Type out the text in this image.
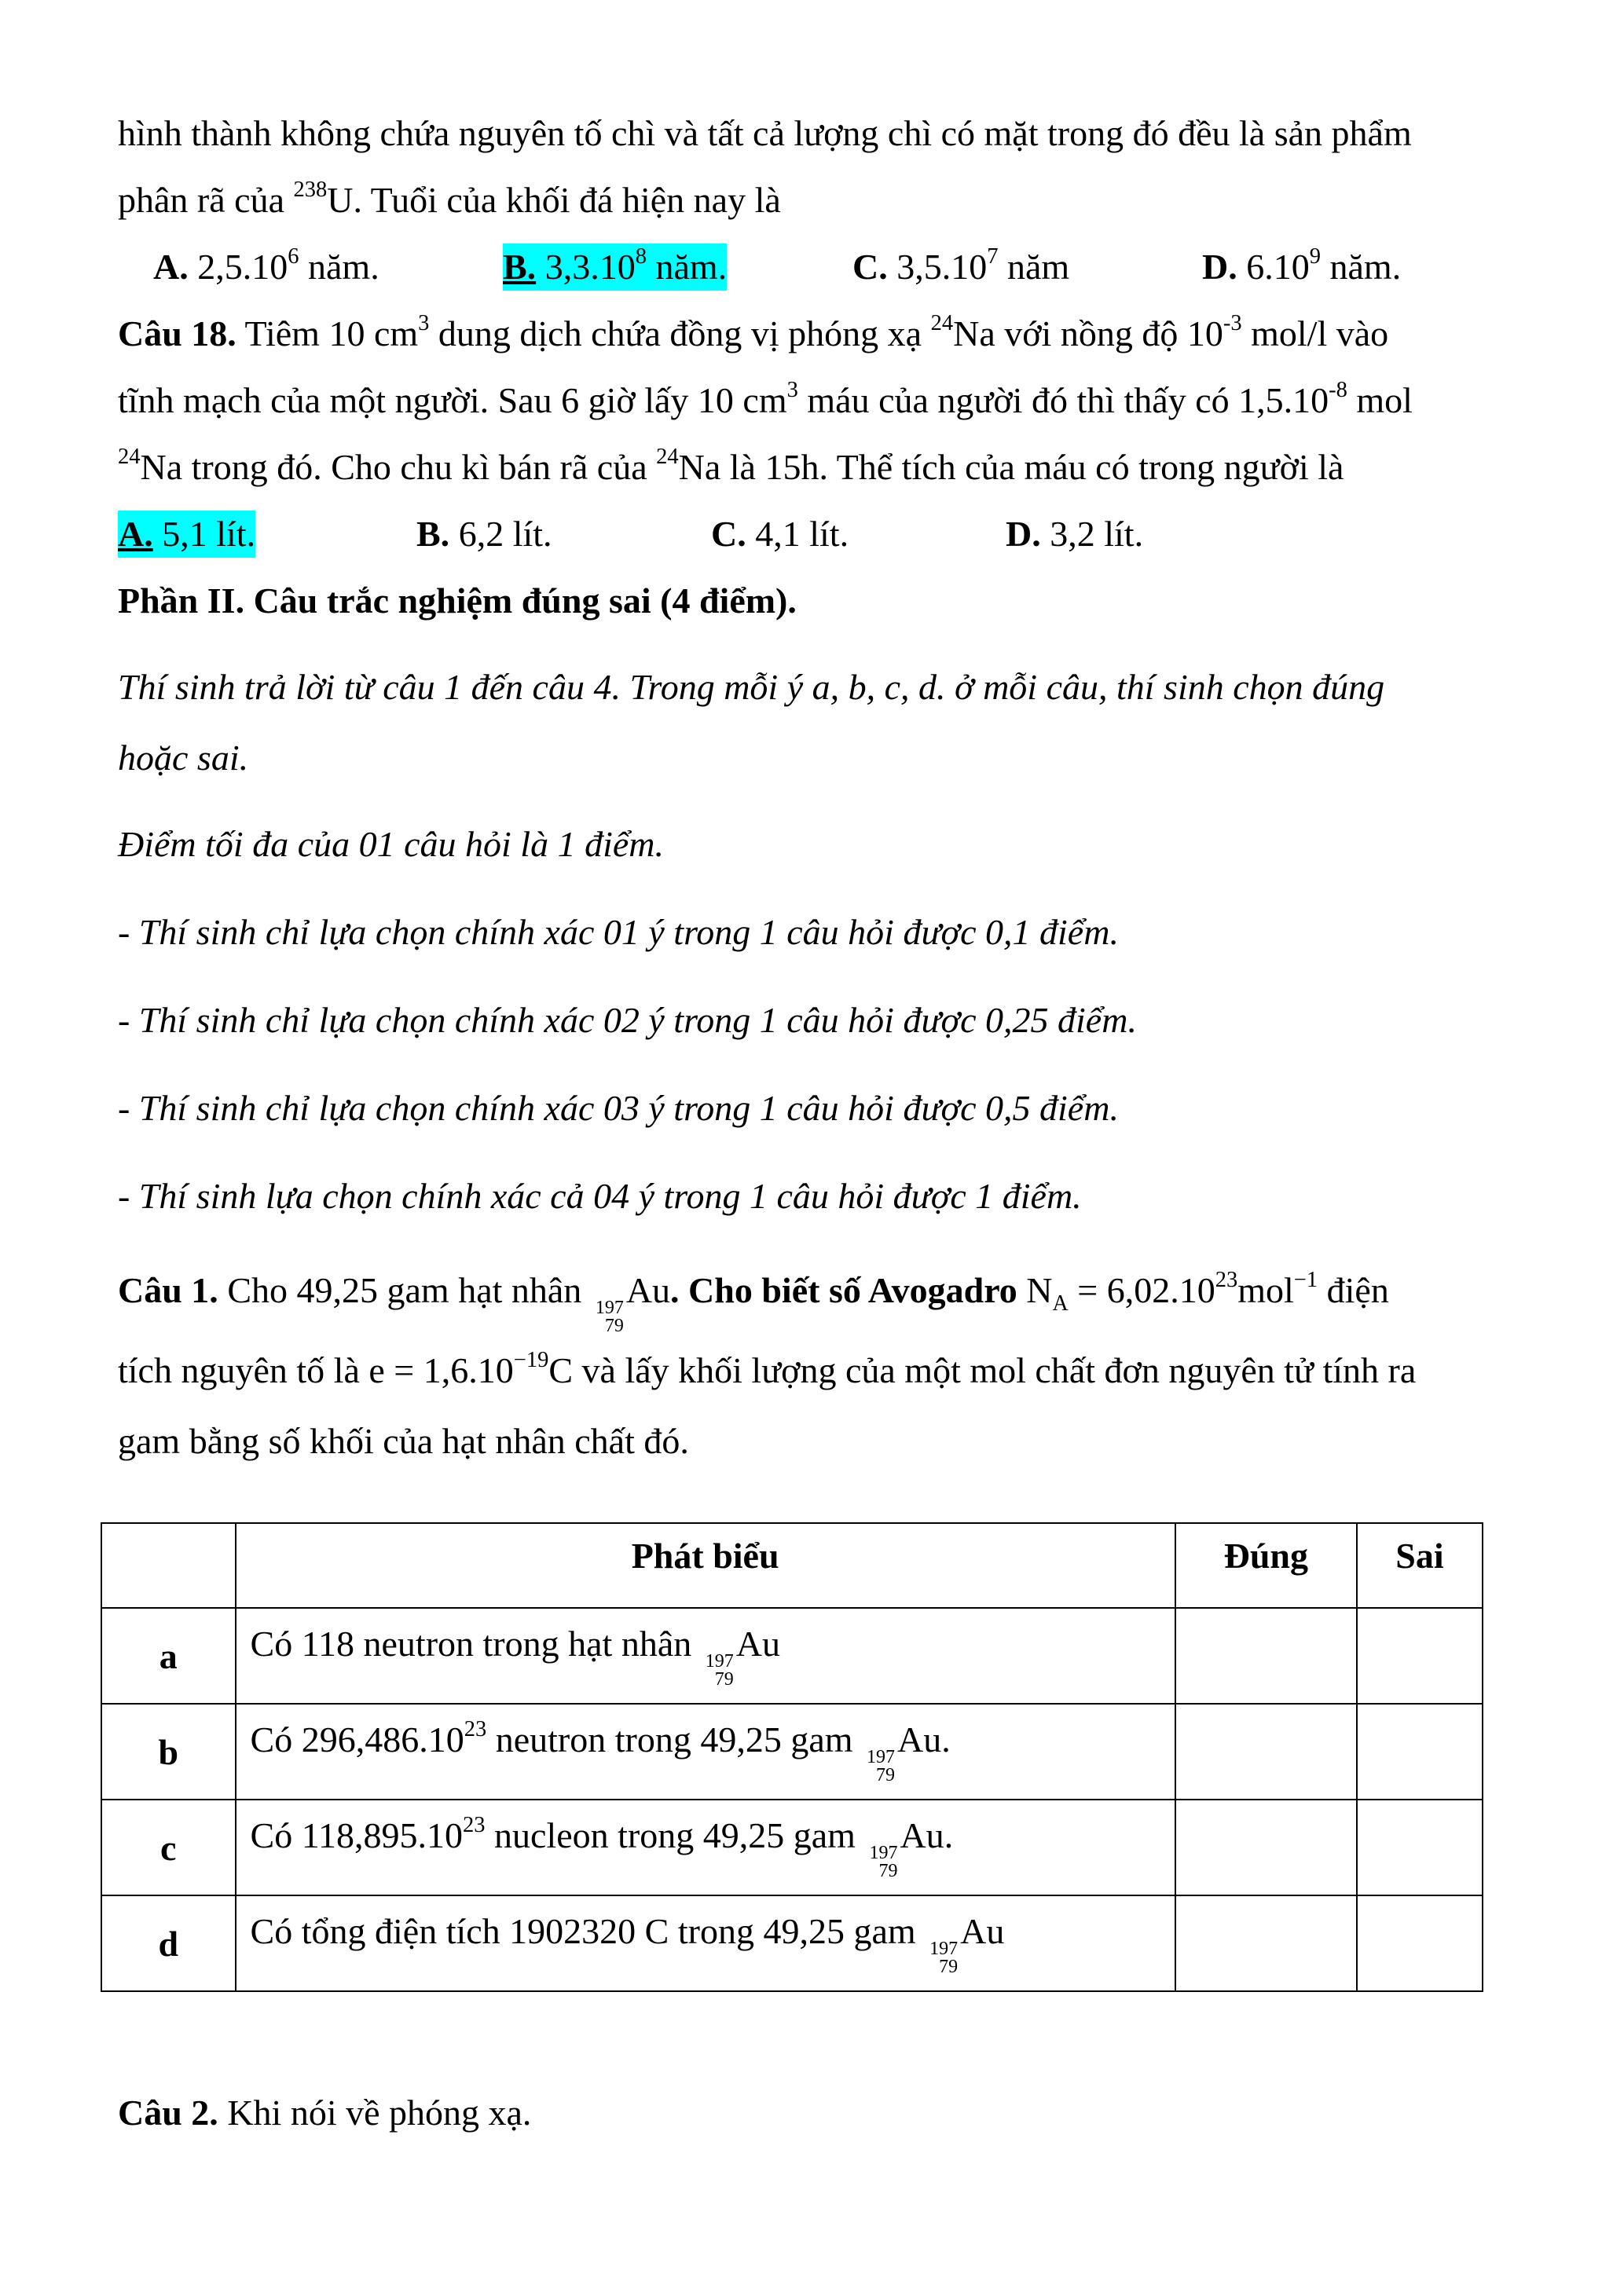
hình thành không chứa nguyên tố chì và tất cả lượng chì có mặt trong đó đều là sản phẩm
phân rã của $^{238}$U. Tuổi của khối đá hiện nay là
A. 2,5.10$^6$ năm.	B. 3,3.10$^8$ năm.	C. 3,5.10$^7$ năm	D. 6.10$^9$ năm.
Câu 18. Tiêm 10 $cm^3$ dung dịch chứa đồng vị phóng xạ $^{24}$Na với nồng độ $10^{-3}$ mol/l vào
tĩnh mạch của một người. Sau 6 giờ lấy 10 $cm^3$ máu của người đó thì thấy có $1,5.10^{-8}$ mol
$^{24}$Na trong đó. Cho chu kì bán rã của $^{24}$Na là 15h. Thể tích của máu có trong người là
A. 5,1 lít.	B. 6,2 lít.	C. 4,1 lít.	D. 3,2 lít.
Phần II. Câu trắc nghiệm đúng sai (4 điểm).
Thí sinh trả lời từ câu 1 đến câu 4. Trong mỗi ý a, b, c, d. ở mỗi câu, thí sinh chọn đúng
hoặc sai.
Điểm tối đa của 01 câu hỏi là 1 điểm.
- Thí sinh chỉ lựa chọn chính xác 01 ý trong 1 câu hỏi được 0,1 điểm.
- Thí sinh chỉ lựa chọn chính xác 02 ý trong 1 câu hỏi được 0,25 điểm.
- Thí sinh chỉ lựa chọn chính xác 03 ý trong 1 câu hỏi được 0,5 điểm.
- Thí sinh lựa chọn chính xác cả 04 ý trong 1 câu hỏi được 1 điểm.
Câu 1. Cho 49,25 gam hạt nhân 197
79
Au. Cho biết số Avogadro $N_A = 6,02.10^{23}mol^{-1}$ điện
tích nguyên tố là $e = 1,6.10^{-19}C$ và lấy khối lượng của một mol chất đơn nguyên tử tính ra
gam bằng số khối của hạt nhân chất đó.
	Phát biểu	Đúng	Sai
a	Có 118 neutron trong hạt nhân 197
79
Au		
b	Có 296,486.10$^{23}$ neutron trong 49,25 gam 197
79
Au.		
c	Có 118,895.10$^{23}$ nucleon trong 49,25 gam 197
79
Au.		
d	Có tổng điện tích 1902320 C trong 49,25 gam 197
79
Au		
Câu 2. Khi nói về phóng xạ.
